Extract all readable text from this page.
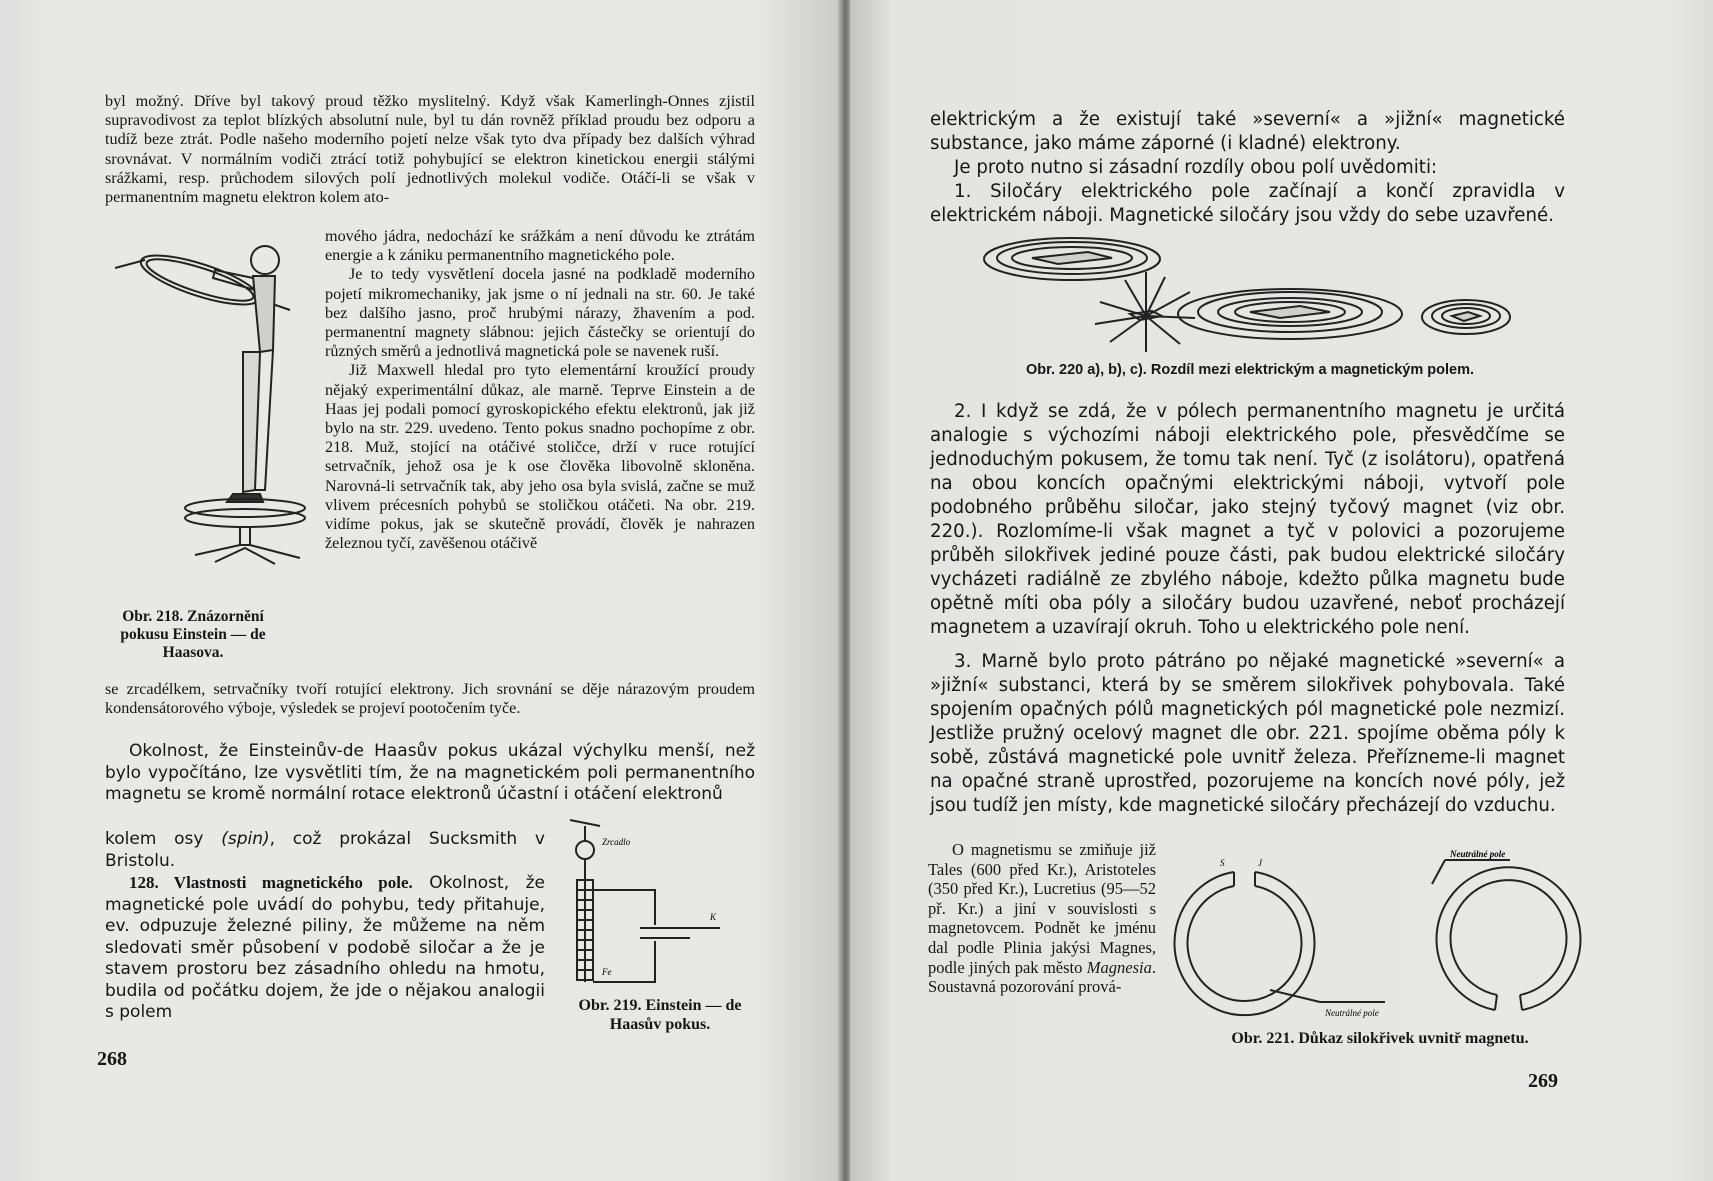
byl možný. Dříve byl takový proud těžko myslitelný. Když však Kamerlingh-Onnes zjistil supravodivost za teplot blízkých absolutní nule, byl tu dán rovněž příklad proudu bez odporu a tudíž beze ztrát. Podle našeho moderního pojetí nelze však tyto dva případy bez dalších výhrad srovnávat. V normálním vodiči ztrácí totiž pohybující se elektron kinetickou energii stálými srážkami, resp. průchodem silových polí jednotlivých molekul vodiče. Otáčí-li se však v permanentním magnetu elektron kolem ato-

mového jádra, nedochází ke srážkám a není důvodu ke ztrátám energie a k zániku permanentního magnetického pole.

Je to tedy vysvětlení docela jasné na podkladě moderního pojetí mikromechaniky, jak jsme o ní jednali na str. 60. Je také bez dalšího jasno, proč hrubými nárazy, žhavením a pod. permanentní magnety slábnou: jejich částečky se orientují do různých směrů a jednotlivá magnetická pole se navenek ruší.

Již Maxwell hledal pro tyto elementární kroužící proudy nějaký experimentální důkaz, ale marně. Teprve Einstein a de Haas jej podali pomocí gyroskopického efektu elektronů, jak již bylo na str. 229. uvedeno. Tento pokus snadno pochopíme z obr. 218. Muž, stojící na otáčivé stoličce, drží v ruce rotující setrvačník, jehož osa je k ose člověka libovolně skloněna. Narovná-li setrvačník tak, aby jeho osa byla svislá, začne se muž vlivem précesních pohybů se stoličkou otáčeti. Na obr. 219. vidíme pokus, jak se skutečně provádí, člověk je nahrazen železnou tyčí, zavěšenou otáčivě

Obr. 218. Znázornění pokusu Einstein — de Haasova.

se zrcadélkem, setrvačníky tvoří rotující elektrony. Jich srovnání se děje nárazovým proudem kondensátorového výboje, výsledek se projeví pootočením tyče.

Okolnost, že Einsteinův-de Haasův pokus ukázal výchylku menší, než bylo vypočítáno, lze vysvětliti tím, že na magnetickém poli permanentního magnetu se kromě normální rotace elektronů účastní i otáčení elektronů

kolem osy (spin), což prokázal Sucksmith v Bristolu.

128. Vlastnosti magnetického pole. Okolnost, že magnetické pole uvádí do pohybu, tedy přitahuje, ev. odpuzuje železné piliny, že můžeme na něm sledovati směr působení v podobě siločar a že je stavem prostoru bez zásadního ohledu na hmotu, budila od počátku dojem, že jde o nějakou analogii s polem

Zrcadlo
K
Fe
Obr. 219. Einstein — de Haasův pokus.
268

elektrickým a že existují také »severní« a »jižní« magnetické substance, jako máme záporné (i kladné) elektrony.

Je proto nutno si zásadní rozdíly obou polí uvědomiti:

1. Siločáry elektrického pole začínají a končí zpravidla v elektrickém náboji. Magnetické siločáry jsou vždy do sebe uzavřené.

Obr. 220 a), b), c). Rozdíl mezi elektrickým a magnetickým polem.

2. I když se zdá, že v pólech permanentního magnetu je určitá analogie s výchozími náboji elektrického pole, přesvědčíme se jednoduchým pokusem, že tomu tak není. Tyč (z isolátoru), opatřená na obou koncích opačnými elektrickými náboji, vytvoří pole podobného průběhu siločar, jako stejný tyčový magnet (viz obr. 220.). Rozlomíme-li však magnet a tyč v polovici a pozorujeme průběh silokřivek jediné pouze části, pak budou elektrické siločáry vycházeti radiálně ze zbylého náboje, kdežto půlka magnetu bude opětně míti oba póly a siločáry budou uzavřené, neboť procházejí magnetem a uzavírají okruh. Toho u elektrického pole není.

3. Marně bylo proto pátráno po nějaké magnetické »severní« a »jižní« substanci, která by se směrem silokřivek pohybovala. Také spojením opačných pólů magnetických pól magnetické pole nezmizí. Jestliže pružný ocelový magnet dle obr. 221. spojíme oběma póly k sobě, zůstává magnetické pole uvnitř železa. Přeřízneme-li magnet na opačné straně uprostřed, pozorujeme na koncích nové póly, jež jsou tudíž jen místy, kde magnetické siločáry přecházejí do vzduchu.

O magnetismu se zmiňuje již Tales (600 před Kr.), Aristoteles (350 před Kr.), Lucretius (95—52 př. Kr.) a jiní v souvislosti s magnetovcem. Podnět ke jménu dal podle Plinia jakýsi Magnes, podle jiných pak město Magnesia. Soustavná pozorování prová-

S	J
Neutrálné pole
Neutrálné pole
Obr. 221. Důkaz silokřivek uvnitř magnetu.
269
